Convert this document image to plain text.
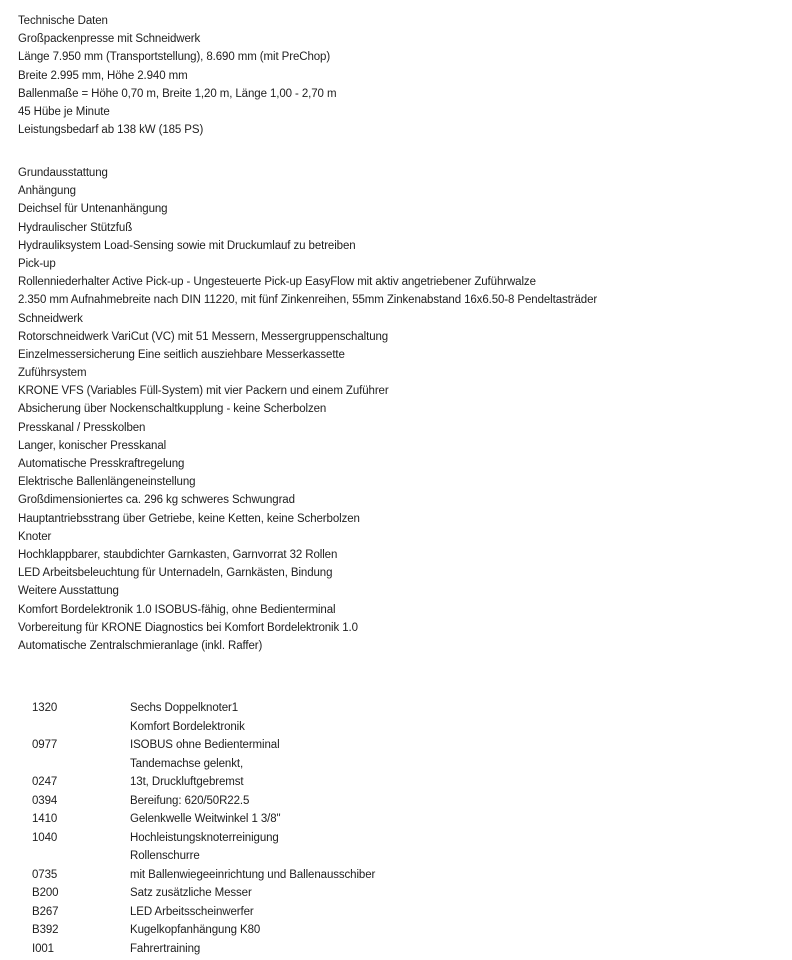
Technische Daten
Großpackenpresse mit Schneidwerk
Länge 7.950 mm (Transportstellung), 8.690 mm (mit PreChop)
Breite 2.995 mm, Höhe 2.940 mm
Ballenmaße = Höhe 0,70 m, Breite 1,20 m, Länge 1,00 - 2,70 m
45 Hübe je Minute
Leistungsbedarf ab 138 kW (185 PS)
Grundausstattung
Anhängung
Deichsel für Untenanhängung
Hydraulischer Stützfuß
Hydrauliksystem Load-Sensing sowie mit Druckumlauf zu betreiben
Pick-up
Rollenniederhalter Active Pick-up - Ungesteuerte Pick-up EasyFlow mit aktiv angetriebener Zuführwalze
2.350 mm Aufnahmebreite nach DIN 11220, mit fünf Zinkenreihen, 55mm Zinkenabstand 16x6.50-8 Pendeltasträder
Schneidwerk
Rotorschneidwerk VariCut (VC) mit 51 Messern, Messergruppenschaltung
Einzelmessersicherung Eine seitlich ausziehbare Messerkassette
Zuführsystem
KRONE VFS (Variables Füll-System) mit vier Packern und einem Zuführer
Absicherung über Nockenschaltkupplung - keine Scherbolzen
Presskanal / Presskolben
Langer, konischer Presskanal
Automatische Presskraftregelung
Elektrische Ballenlängeneinstellung
Großdimensioniertes ca. 296 kg schweres Schwungrad
Hauptantriebsstrang über Getriebe, keine Ketten, keine Scherbolzen
Knoter
Hochklappbarer, staubdichter Garnkasten, Garnvorrat 32 Rollen
LED Arbeitsbeleuchtung für Unternadeln, Garnkästen, Bindung
Weitere Ausstattung
Komfort Bordelektronik 1.0 ISOBUS-fähig, ohne Bedienterminal
Vorbereitung für KRONE Diagnostics bei Komfort Bordelektronik 1.0
Automatische Zentralschmieranlage (inkl. Raffer)
1320	Sechs Doppelknoter1
	Komfort Bordelektronik
0977	ISOBUS ohne Bedienterminal
	Tandemachse gelenkt,
0247	13t, Druckluftgebremst
0394	Bereifung: 620/50R22.5
1410	Gelenkwelle Weitwinkel 1 3/8"
1040	Hochleistungsknoterreinigung
	Rollenschurre
0735	mit Ballenwiegeeinrichtung und Ballenausschiber
B200	Satz zusätzliche Messer
B267	LED Arbeitsscheinwerfer
B392	Kugelkopfanhängung K80
I001	Fahrertraining
